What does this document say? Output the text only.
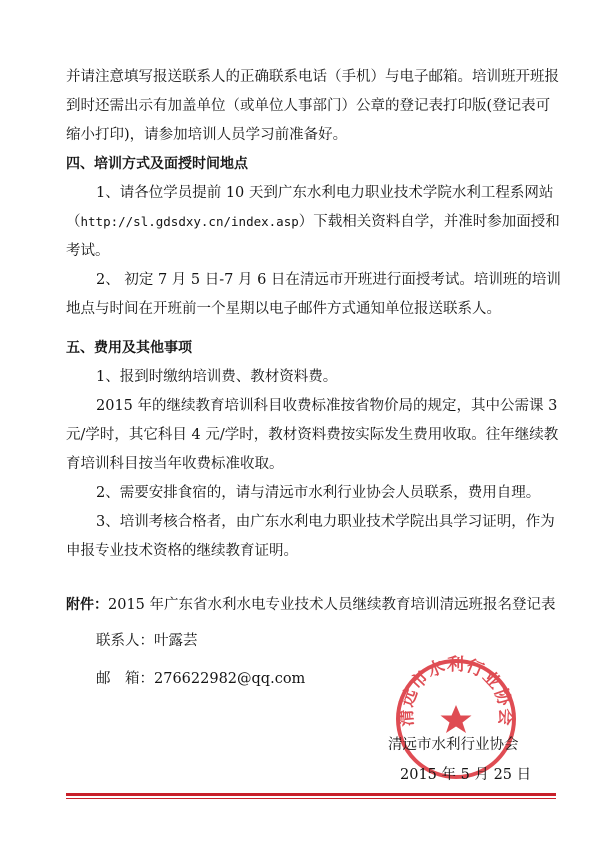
并请注意填写报送联系人的正确联系电话（手机）与电子邮箱。培训班开班报
到时还需出示有加盖单位（或单位人事部门）公章的登记表打印版(登记表可
缩小打印)，请参加培训人员学习前准备好。
四、培训方式及面授时间地点
1、请各位学员提前 10 天到广东水利电力职业技术学院水利工程系网站
（http://sl.gdsdxy.cn/index.asp）下载相关资料自学，并准时参加面授和
考试。
2、 初定 7 月 5 日-7 月 6 日在清远市开班进行面授考试。培训班的培训
地点与时间在开班前一个星期以电子邮件方式通知单位报送联系人。
五、费用及其他事项
1、报到时缴纳培训费、教材资料费。
2015 年的继续教育培训科目收费标准按省物价局的规定，其中公需课 3
元/学时，其它科目 4 元/学时，教材资料费按实际发生费用收取。往年继续教
育培训科目按当年收费标准收取。
2、需要安排食宿的，请与清远市水利行业协会人员联系，费用自理。
3、培训考核合格者，由广东水利电力职业技术学院出具学习证明，作为
申报专业技术资格的继续教育证明。
附件：2015 年广东省水利水电专业技术人员继续教育培训清远班报名登记表
联系人：叶露芸
邮　箱：276622982@qq.com
清远市水利行业协会
清远市水利行业协会
2015 年 5 月 25 日
